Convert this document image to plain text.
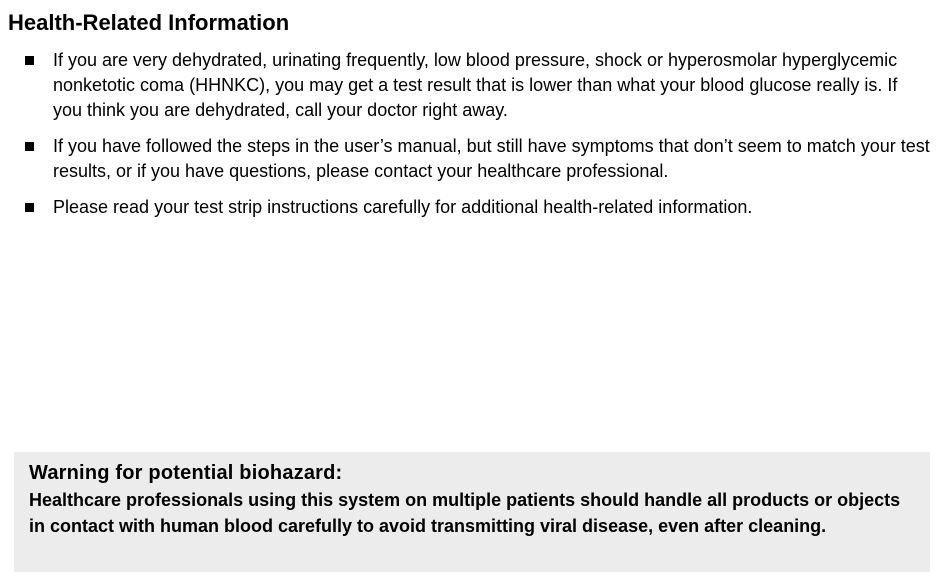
Health-Related Information
If you are very dehydrated, urinating frequently, low blood pressure, shock or hyperosmolar hyperglycemic nonketotic coma (HHNKC), you may get a test result that is lower than what your blood glucose really is. If you think you are dehydrated, call your doctor right away.
If you have followed the steps in the user’s manual, but still have symptoms that don’t seem to match your test results, or if you have questions, please contact your healthcare professional.
Please read your test strip instructions carefully for additional health-related information.

Warning for potential biohazard:

Healthcare professionals using this system on multiple patients should handle all products or objects in contact with human blood carefully to avoid transmitting viral disease, even after cleaning.
